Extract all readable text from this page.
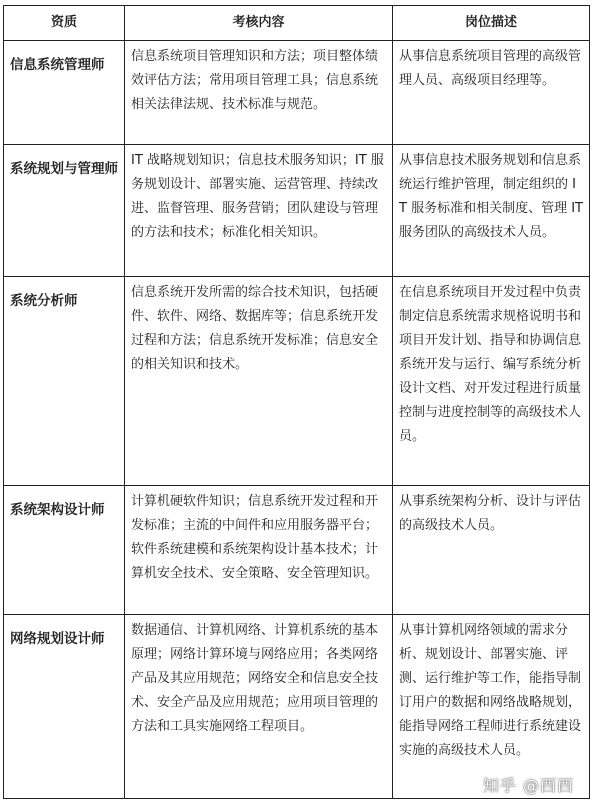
资质	考核内容	岗位描述
信息系统管理师	信息系统项目管理知识和方法；项目整体绩效评估方法；常用项目管理工具；信息系统相关法律法规、技术标准与规范。	从事信息系统项目管理的高级管理人员、高级项目经理等。
系统规划与管理师	IT 战略规划知识；信息技术服务知识；IT 服务规划设计、部署实施、运营管理、持续改进、监督管理、服务营销；团队建设与管理的方法和技术；标准化相关知识。	从事信息技术服务规划和信息系统运行维护管理，制定组织的 IT 服务标准和相关制度、管理 IT 服务团队的高级技术人员。
系统分析师	信息系统开发所需的综合技术知识，包括硬件、软件、网络、数据库等；信息系统开发过程和方法；信息系统开发标准；信息安全的相关知识和技术。	在信息系统项目开发过程中负责制定信息系统需求规格说明书和项目开发计划、指导和协调信息系统开发与运行、编写系统分析设计文档、对开发过程进行质量控制与进度控制等的高级技术人员。
系统架构设计师	计算机硬软件知识；信息系统开发过程和开发标准；主流的中间件和应用服务器平台；软件系统建模和系统架构设计基本技术；计算机安全技术、安全策略、安全管理知识。	从事系统架构分析、设计与评估的高级技术人员。
网络规划设计师	数据通信、计算机网络、计算机系统的基本原理；网络计算环境与网络应用；各类网络产品及其应用规范；网络安全和信息安全技术、安全产品及应用规范；应用项目管理的方法和工具实施网络工程项目。	从事计算机网络领域的需求分析、规划设计、部署实施、评测、运行维护等工作，能指导制订用户的数据和网络战略规划，能指导网络工程师进行系统建设实施的高级技术人员。
知乎 @西西
